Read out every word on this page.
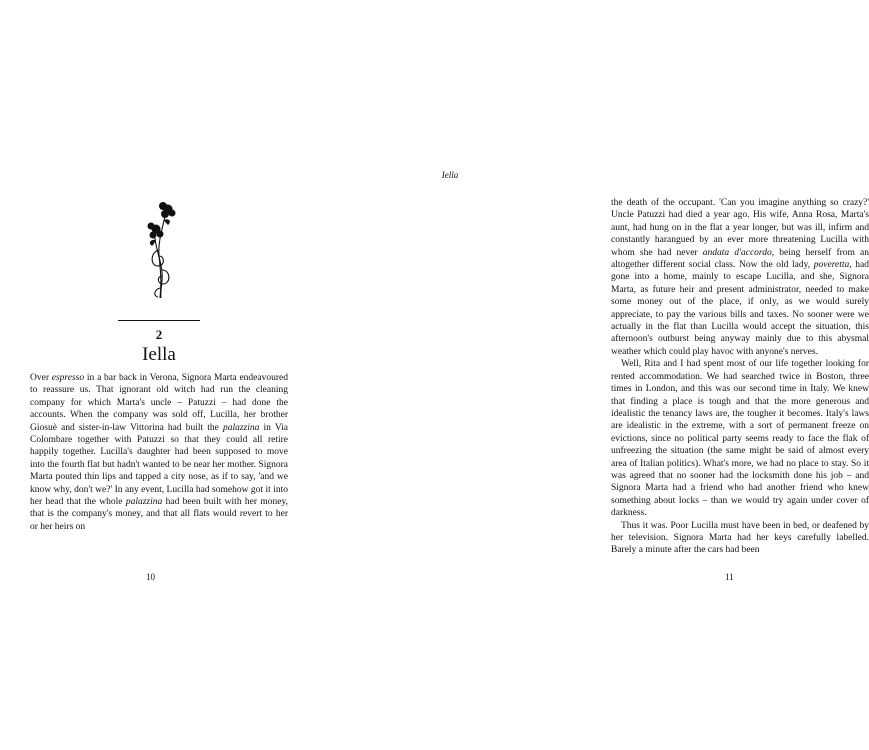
2
Iella

Over espresso in a bar back in Verona, Signora Marta endeavoured to reassure us. That ignorant old witch had run the cleaning company for which Marta's uncle – Patuzzi – had done the accounts. When the company was sold off, Lucilla, her brother Giosuè and sister-in-law Vittorina had built the palazzina in Via Colombare together with Patuzzi so that they could all retire happily together. Lucilla's daughter had been supposed to move into the fourth flat but hadn't wanted to be near her mother. Signora Marta pouted thin lips and tapped a city nose, as if to say, 'and we know why, don't we?' In any event, Lucilla had somehow got it into her head that the whole palazzina had been built with her money, that is the company's money, and that all flats would revert to her or her heirs on

10
Iella

the death of the occupant. 'Can you imagine anything so crazy?' Uncle Patuzzi had died a year ago. His wife, Anna Rosa, Marta's aunt, had hung on in the flat a year longer, but was ill, infirm and constantly harangued by an ever more threatening Lucilla with whom she had never andata d'accordo, being herself from an altogether different social class. Now the old lady, poveretta, had gone into a home, mainly to escape Lucilla, and she, Signora Marta, as future heir and present administrator, needed to make some money out of the place, if only, as we would surely appreciate, to pay the various bills and taxes. No sooner were we actually in the flat than Lucilla would accept the situation, this afternoon's outburst being anyway mainly due to this abysmal weather which could play havoc with anyone's nerves.

Well, Rita and I had spent most of our life together looking for rented accommodation. We had searched twice in Boston, three times in London, and this was our second time in Italy. We knew that finding a place is tough and that the more generous and idealistic the tenancy laws are, the tougher it becomes. Italy's laws are idealistic in the extreme, with a sort of permanent freeze on evictions, since no political party seems ready to face the flak of unfreezing the situation (the same might be said of almost every area of Italian politics). What's more, we had no place to stay. So it was agreed that no sooner had the locksmith done his job – and Signora Marta had a friend who had another friend who knew something about locks – than we would try again under cover of darkness.

Thus it was. Poor Lucilla must have been in bed, or deafened by her television. Signora Marta had her keys carefully labelled. Barely a minute after the cars had been

11
